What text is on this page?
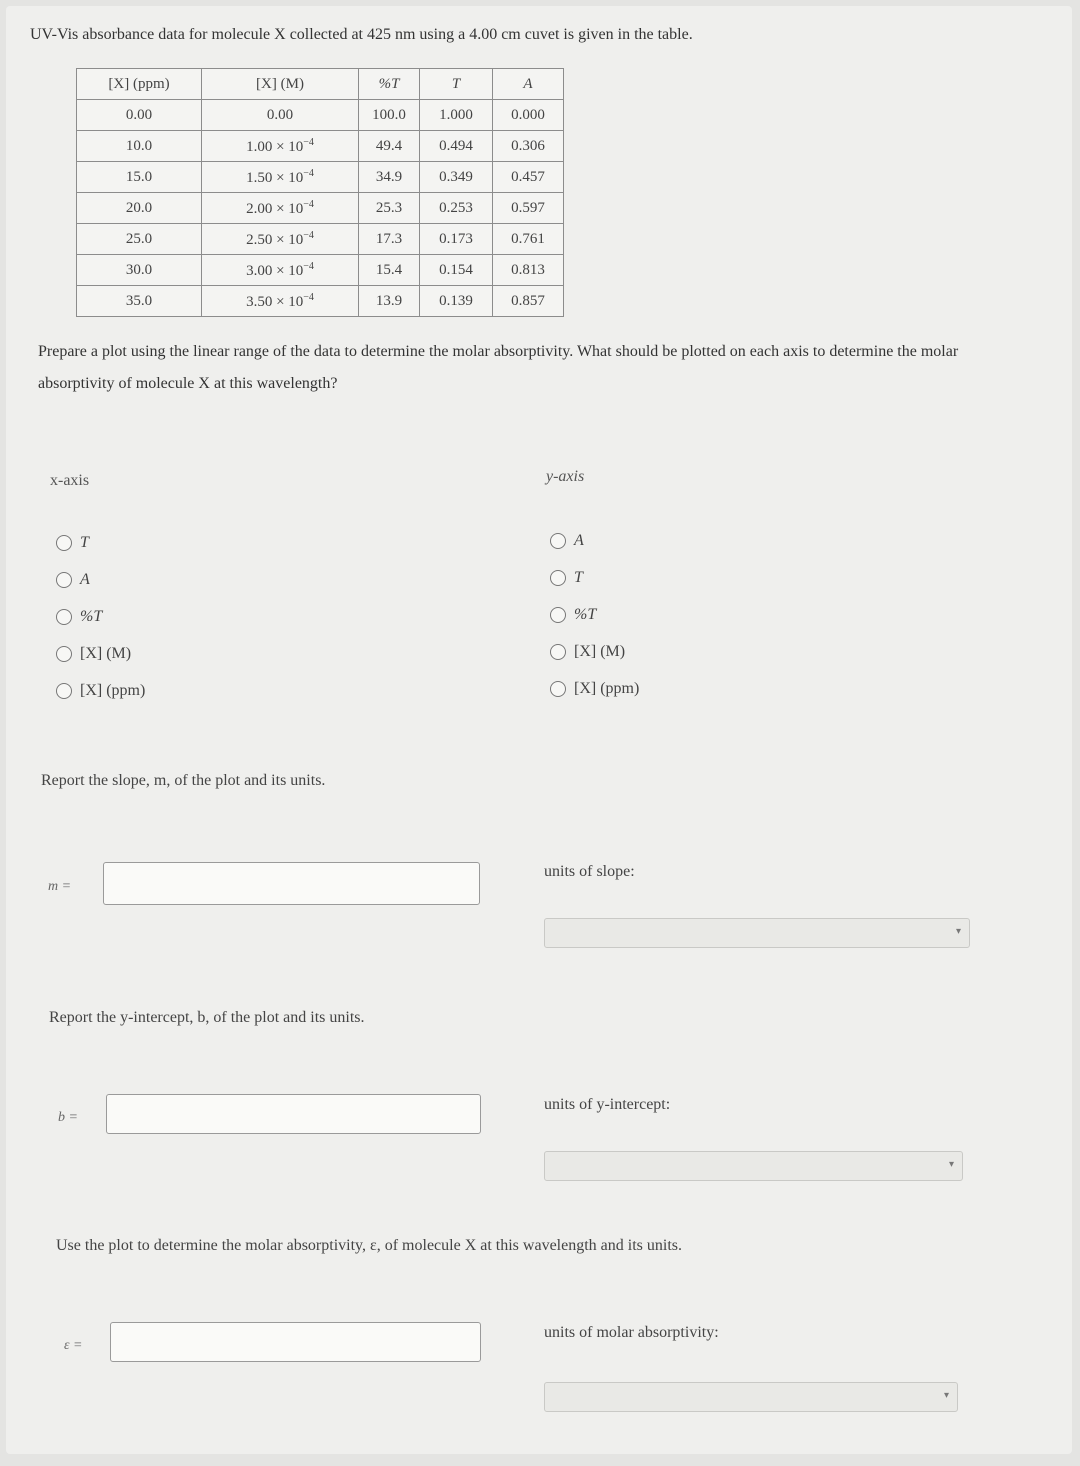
UV-Vis absorbance data for molecule X collected at 425 nm using a 4.00 cm cuvet is given in the table.
[X] (ppm)	[X] (M)	%T	T	A
0.00	0.00	100.0	1.000	0.000
10.0	$1.00 \times 10^{-4}$	49.4	0.494	0.306
15.0	$1.50 \times 10^{-4}$	34.9	0.349	0.457
20.0	$2.00 \times 10^{-4}$	25.3	0.253	0.597
25.0	$2.50 \times 10^{-4}$	17.3	0.173	0.761
30.0	$3.00 \times 10^{-4}$	15.4	0.154	0.813
35.0	$3.50 \times 10^{-4}$	13.9	0.139	0.857
Prepare a plot using the linear range of the data to determine the molar absorptivity. What should be plotted on each axis to determine the molar absorptivity of molecule X at this wavelength?
x-axis
T
A
%T
[X] (M)
[X] (ppm)
y-axis
A
T
%T
[X] (M)
[X] (ppm)
Report the slope, m, of the plot and its units.
m =
units of slope:
▾
Report the y-intercept, b, of the plot and its units.
b =
units of y-intercept:
▾
Use the plot to determine the molar absorptivity, ε, of molecule X at this wavelength and its units.
ε =
units of molar absorptivity:
▾
